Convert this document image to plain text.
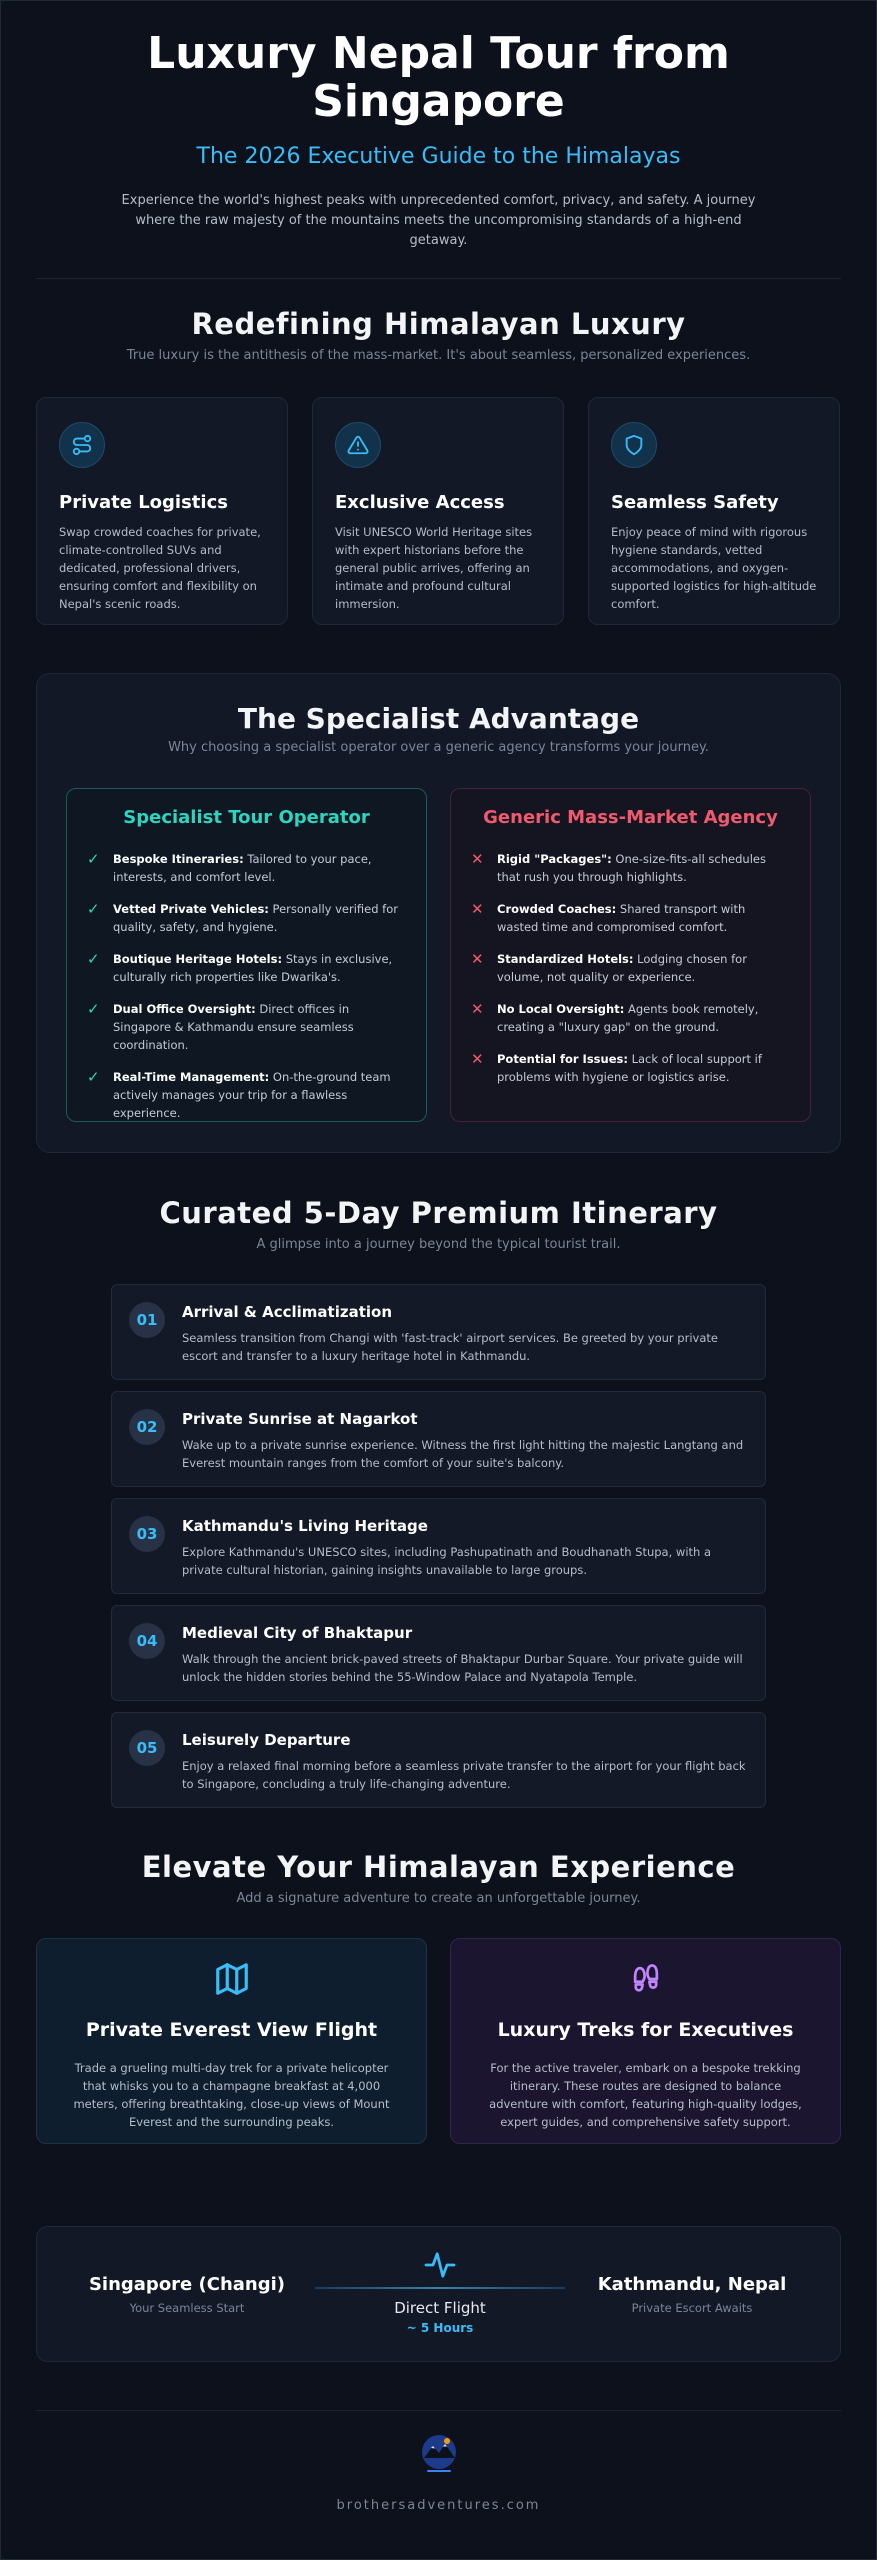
Luxury Nepal Tour from Singapore
The 2026 Executive Guide to the Himalayas

Experience the world's highest peaks with unprecedented comfort, privacy, and safety. A journey where the raw majesty of the mountains meets the uncompromising standards of a high-end getaway.

Redefining Himalayan Luxury
True luxury is the antithesis of the mass-market. It's about seamless, personalized experiences.
Private Logistics

Swap crowded coaches for private, climate-controlled SUVs and dedicated, professional drivers, ensuring comfort and flexibility on Nepal's scenic roads.

Exclusive Access

Visit UNESCO World Heritage sites with expert historians before the general public arrives, offering an intimate and profound cultural immersion.

Seamless Safety

Enjoy peace of mind with rigorous hygiene standards, vetted accommodations, and oxygen-supported logistics for high-altitude comfort.

The Specialist Advantage
Why choosing a specialist operator over a generic agency transforms your journey.
Specialist Tour Operator
✓	Bespoke Itineraries: Tailored to your pace, interests, and comfort level.
✓	Vetted Private Vehicles: Personally verified for quality, safety, and hygiene.
✓	Boutique Heritage Hotels: Stays in exclusive, culturally rich properties like Dwarika's.
✓	Dual Office Oversight: Direct offices in Singapore & Kathmandu ensure seamless coordination.
✓	Real-Time Management: On-the-ground team actively manages your trip for a flawless experience.
Generic Mass-Market Agency
✕	Rigid "Packages": One-size-fits-all schedules that rush you through highlights.
✕	Crowded Coaches: Shared transport with wasted time and compromised comfort.
✕	Standardized Hotels: Lodging chosen for volume, not quality or experience.
✕	No Local Oversight: Agents book remotely, creating a "luxury gap" on the ground.
✕	Potential for Issues: Lack of local support if problems with hygiene or logistics arise.
Curated 5-Day Premium Itinerary
A glimpse into a journey beyond the typical tourist trail.
01	Arrival & Acclimatization

Seamless transition from Changi with 'fast-track' airport services. Be greeted by your private escort and transfer to a luxury heritage hotel in Kathmandu.

02	Private Sunrise at Nagarkot

Wake up to a private sunrise experience. Witness the first light hitting the majestic Langtang and Everest mountain ranges from the comfort of your suite's balcony.

03	Kathmandu's Living Heritage

Explore Kathmandu's UNESCO sites, including Pashupatinath and Boudhanath Stupa, with a private cultural historian, gaining insights unavailable to large groups.

04	Medieval City of Bhaktapur

Walk through the ancient brick-paved streets of Bhaktapur Durbar Square. Your private guide will unlock the hidden stories behind the 55-Window Palace and Nyatapola Temple.

05	Leisurely Departure

Enjoy a relaxed final morning before a seamless private transfer to the airport for your flight back to Singapore, concluding a truly life-changing adventure.

Elevate Your Himalayan Experience
Add a signature adventure to create an unforgettable journey.
Private Everest View Flight

Trade a grueling multi-day trek for a private helicopter that whisks you to a champagne breakfast at 4,000 meters, offering breathtaking, close-up views of Mount Everest and the surrounding peaks.

Luxury Treks for Executives

For the active traveler, embark on a bespoke trekking itinerary. These routes are designed to balance adventure with comfort, featuring high-quality lodges, expert guides, and comprehensive safety support.

Singapore (Changi)
Your Seamless Start	Direct Flight
~ 5 Hours
Kathmandu, Nepal
Private Escort Awaits
brothersadventures.com
